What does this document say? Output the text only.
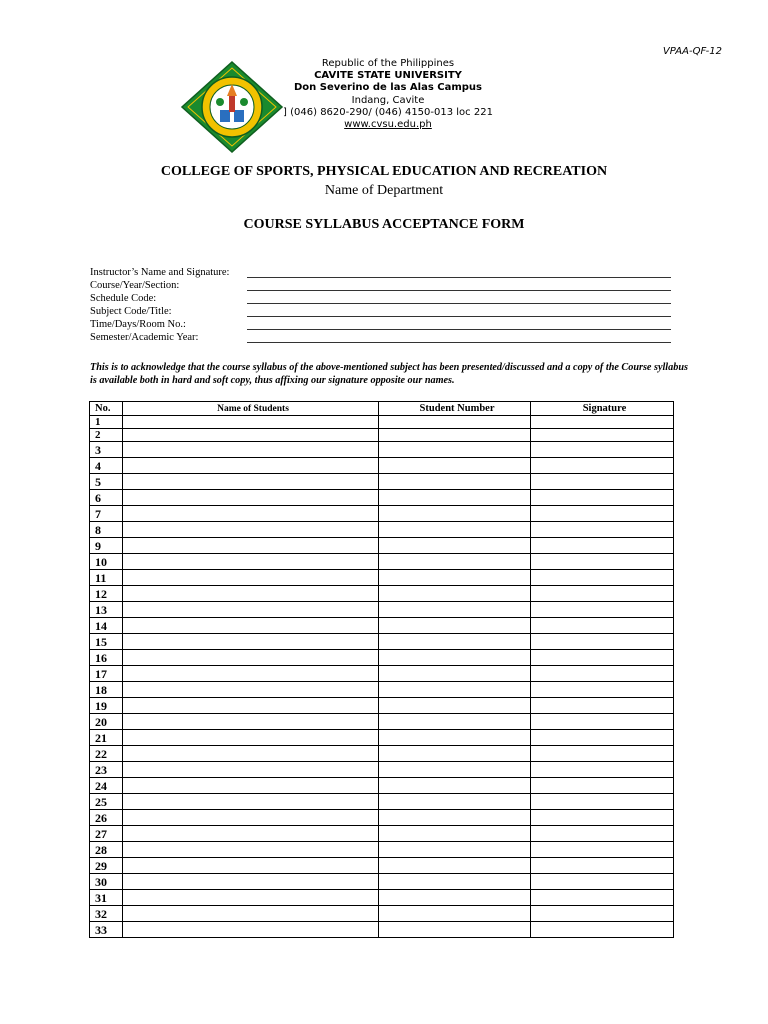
VPAA-QF-12
Republic of the Philippines
CAVITE STATE UNIVERSITY
Don Severino de las Alas Campus
Indang, Cavite
] (046) 8620-290/ (046) 4150-013 loc 221
www.cvsu.edu.ph
COLLEGE OF SPORTS, PHYSICAL EDUCATION AND RECREATION
Name of Department
COURSE SYLLABUS ACCEPTANCE FORM
Instructor’s Name and Signature:
Course/Year/Section:
Schedule Code:
Subject Code/Title:
Time/Days/Room No.:
Semester/Academic Year:
This is to acknowledge that the course syllabus of the above-mentioned subject has been presented/discussed and a copy of the Course syllabus is available both in hard and soft copy, thus affixing our signature opposite our names.
No.	Name of Students	Student Number	Signature
1			
2			
3			
4			
5			
6			
7			
8			
9			
10			
11			
12			
13			
14			
15			
16			
17			
18			
19			
20			
21			
22			
23			
24			
25			
26			
27			
28			
29			
30			
31			
32			
33			
